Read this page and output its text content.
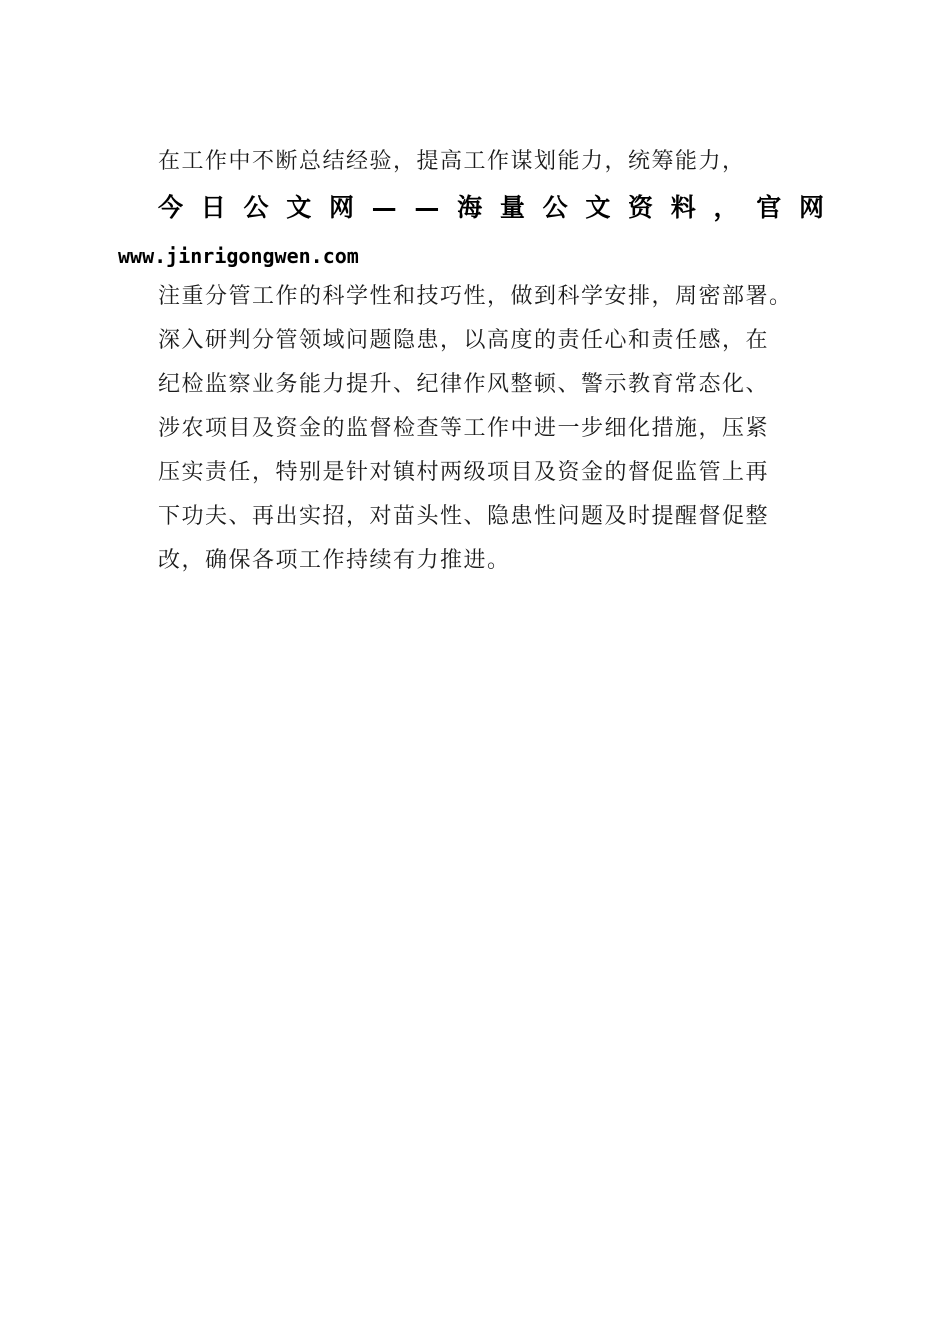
在工作中不断总结经验，提高工作谋划能力，统筹能力，
今 日 公 文 网 — — 海 量 公 文 资 料 ， 官 网
www.jinrigongwen.com
注重分管工作的科学性和技巧性，做到科学安排，周密部署。
深入研判分管领域问题隐患，以高度的责任心和责任感，在
纪检监察业务能力提升、纪律作风整顿、警示教育常态化、
涉农项目及资金的监督检查等工作中进一步细化措施，压紧
压实责任，特别是针对镇村两级项目及资金的督促监管上再
下功夫、再出实招，对苗头性、隐患性问题及时提醒督促整
改，确保各项工作持续有力推进。
